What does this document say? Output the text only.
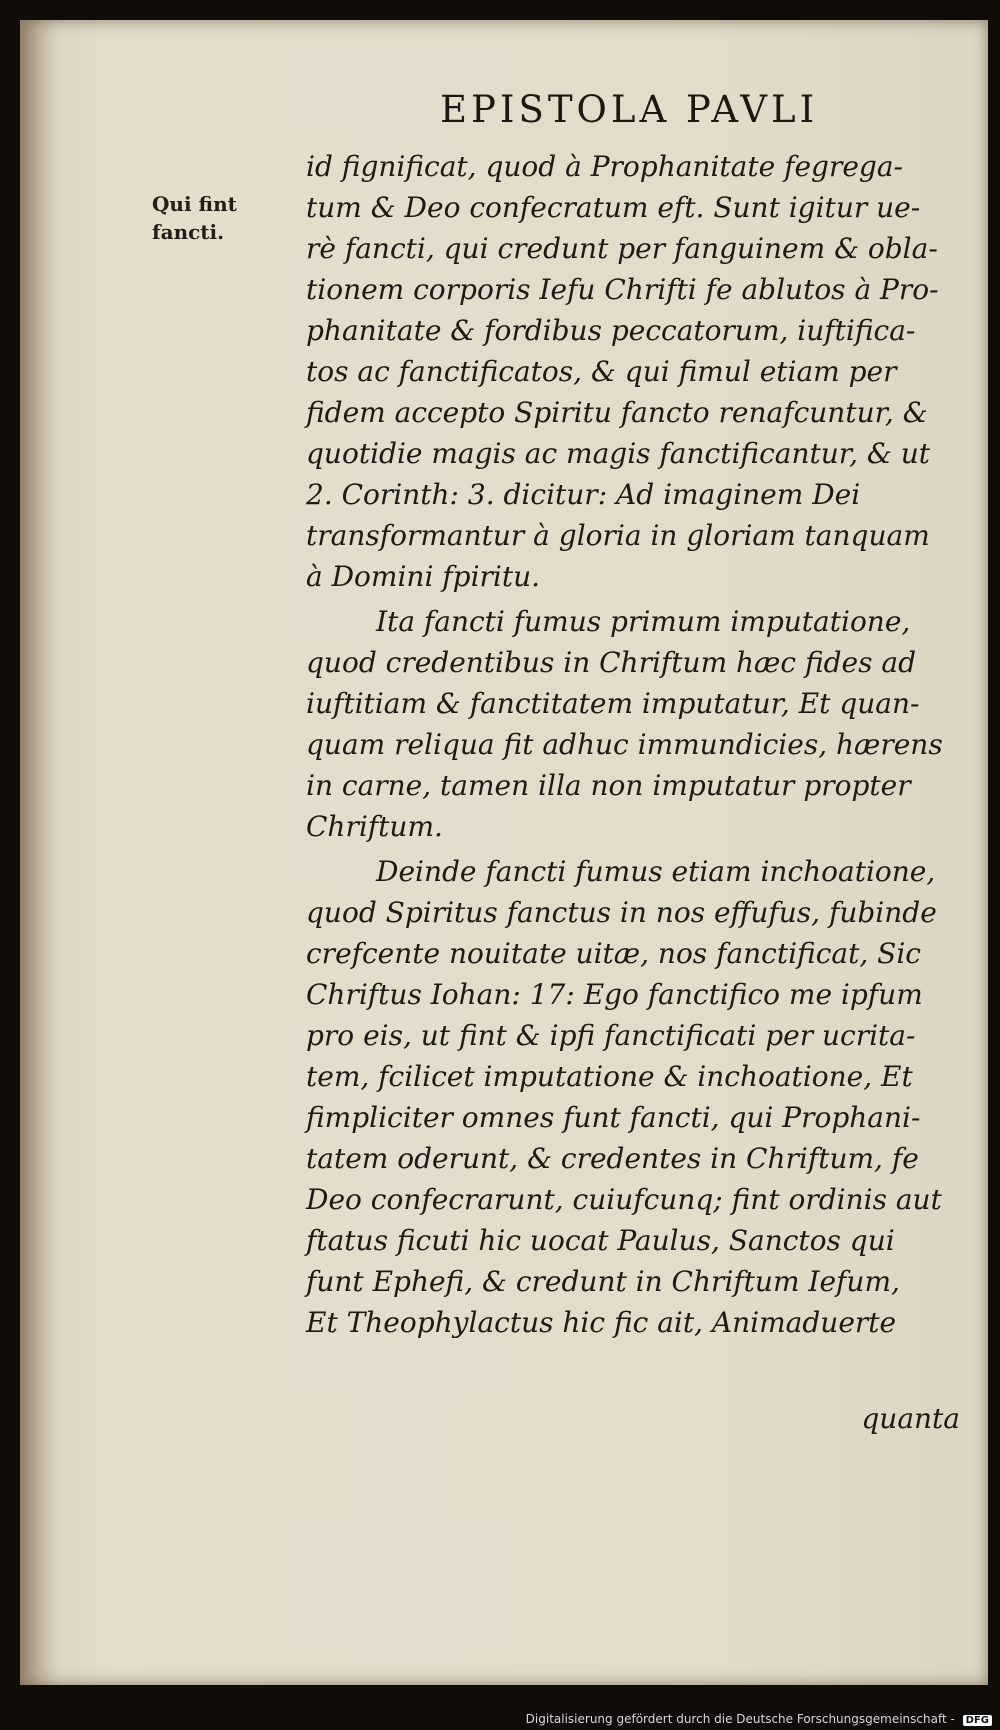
EPISTOLA PAVLI
Qui fint
fancti.
id fignificat, quod à Prophanitate fegrega-
tum & Deo confecratum eft. Sunt igitur ue-
rè fancti, qui credunt per fanguinem & obla-
tionem corporis Iefu Chrifti fe ablutos à Pro-
phanitate & fordibus peccatorum, iuftifica-
tos ac fanctificatos, & qui fimul etiam per
fidem accepto Spiritu fancto renafcuntur, &
quotidie magis ac magis fanctificantur, & ut
2. Corinth: 3. dicitur: Ad imaginem Dei
transformantur à gloria in gloriam tanquam
à Domini fpiritu.
Ita fancti fumus primum imputatione,
quod credentibus in Chriftum hæc fides ad
iuftitiam & fanctitatem imputatur, Et quan-
quam reliqua fit adhuc immundicies, hærens
in carne, tamen illa non imputatur propter
Chriftum.
Deinde fancti fumus etiam inchoatione,
quod Spiritus fanctus in nos effufus, fubinde
crefcente nouitate uitæ, nos fanctificat, Sic
Chriftus Iohan: 17: Ego fanctifico me ipfum
pro eis, ut fint & ipfi fanctificati per ucrita-
tem, fcilicet imputatione & inchoatione, Et
fimpliciter omnes funt fancti, qui Prophani-
tatem oderunt, & credentes in Chriftum, fe
Deo confecrarunt, cuiufcunq; fint ordinis aut
ftatus ficuti hic uocat Paulus, Sanctos qui
funt Ephefi, & credunt in Chriftum Iefum,
Et Theophylactus hic fic ait, Animaduerte
quanta
Digitalisierung gefördert durch die Deutsche Forschungsgemeinschaft - DFG
